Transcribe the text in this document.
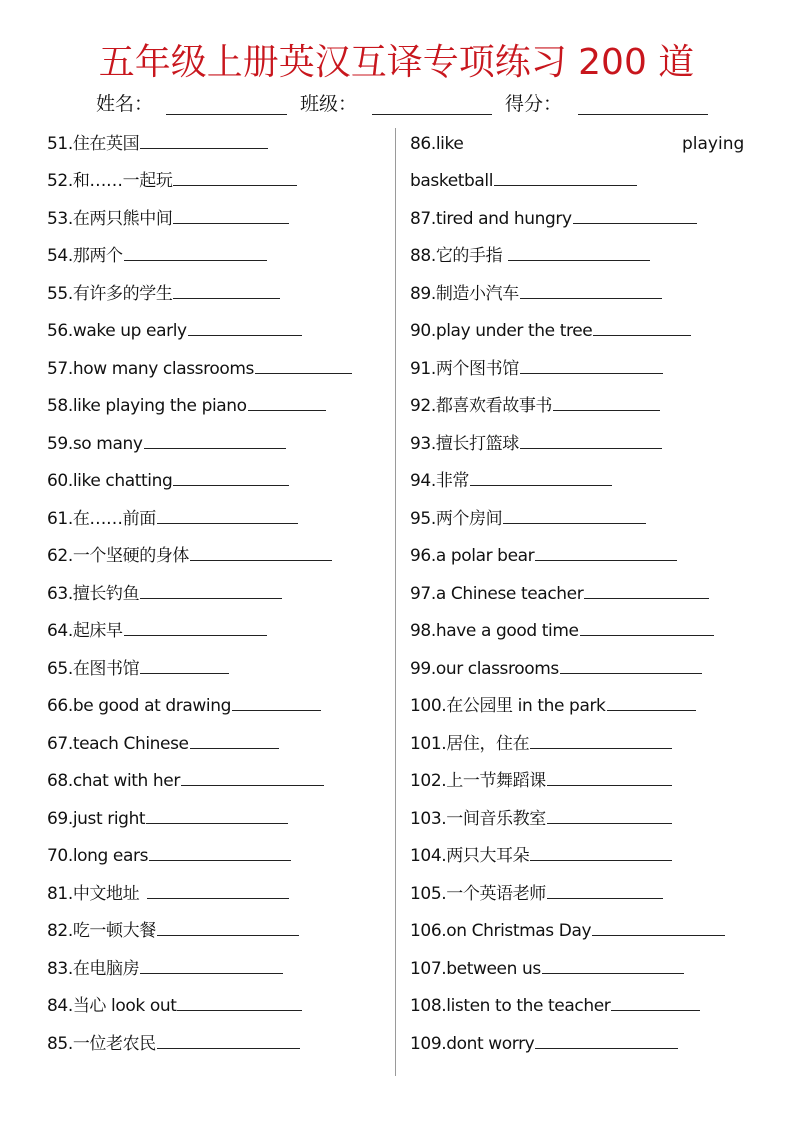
五年级上册英汉互译专项练习 200 道
姓名：	班级：	得分：
51.住在英国
52.和……一起玩
53.在两只熊中间
54.那两个
55.有许多的学生
56.wake up early
57.how many classrooms
58.like playing the piano
59.so many
60.like chatting
61.在……前面
62.一个坚硬的身体
63.擅长钓鱼
64.起床早
65.在图书馆
66.be good at drawing
67.teach Chinese
68.chat with her
69.just right
70.long ears
81.中文地址
82.吃一顿大餐
83.在电脑房
84.当心 look out
85.一位老农民
86.like
basketball
87.tired and hungry
88.它的手指
89.制造小汽车
90.play under the tree
91.两个图书馆
92.都喜欢看故事书
93.擅长打篮球
94.非常
95.两个房间
96.a polar bear
97.a Chinese teacher
98.have a good time
99.our classrooms
100.在公园里 in the park
101.居住，住在
102.上一节舞蹈课
103.一间音乐教室
104.两只大耳朵
105.一个英语老师
106.on Christmas Day
107.between us
108.listen to the teacher
109.dont worry
playing
